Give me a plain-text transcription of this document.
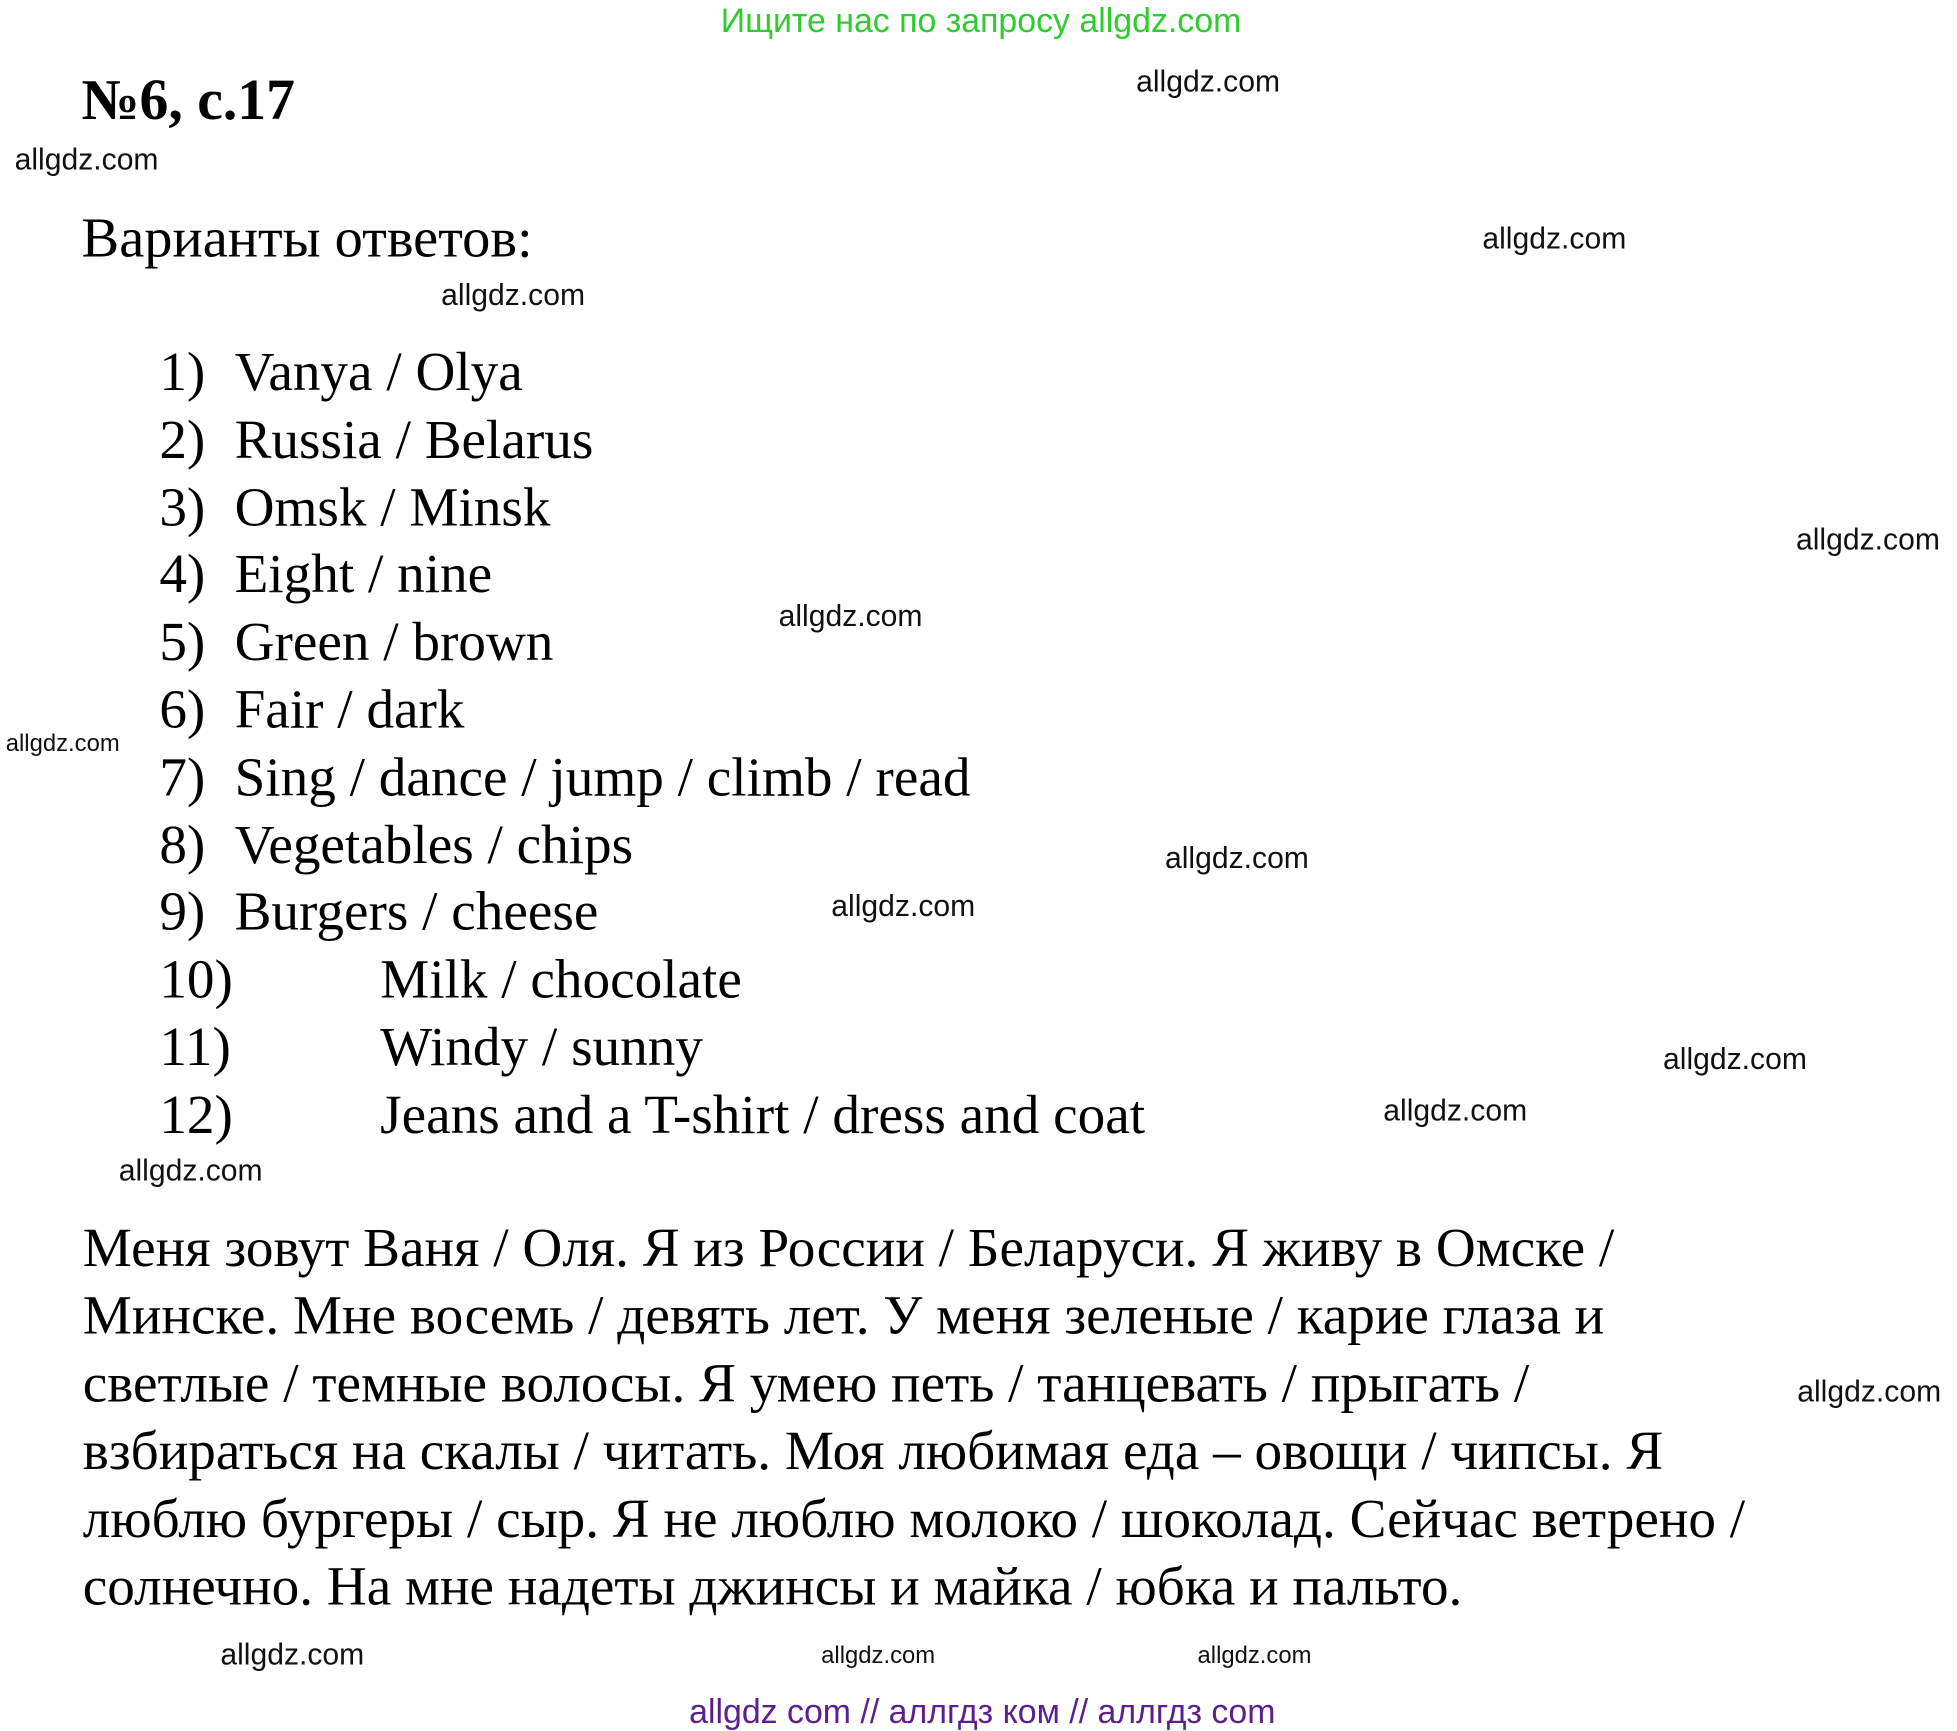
Ищите нас по запросу allgdz.com
№6, с.17
Варианты ответов:
1) Vanya / Olya
2) Russia / Belarus
3) Omsk / Minsk
4) Eight / nine
5) Green / brown
6) Fair / dark
7) Sing / dance / jump / climb / read
8) Vegetables / chips
9) Burgers / cheese
10)	Milk / chocolate
11)	Windy / sunny
12)	Jeans and a T-shirt / dress and coat
Меня зовут Ваня / Оля. Я из России / Беларуси. Я живу в Омске /
Минске. Мне восемь / девять лет. У меня зеленые / карие глаза и
светлые / темные волосы. Я умею петь / танцевать / прыгать /
взбираться на скалы / читать. Моя любимая еда – овощи / чипсы. Я
люблю бургеры / сыр. Я не люблю молоко / шоколад. Сейчас ветрено /
солнечно. На мне надеты джинсы и майка / юбка и пальто.
allgdz.com
allgdz.com
allgdz.com
allgdz.com
allgdz.com
allgdz.com
allgdz.com
allgdz.com
allgdz.com
allgdz.com
allgdz.com
allgdz.com
allgdz.com
allgdz.com
allgdz.com
allgdz.com
allgdz com // аллгдз ком // аллгдз com
